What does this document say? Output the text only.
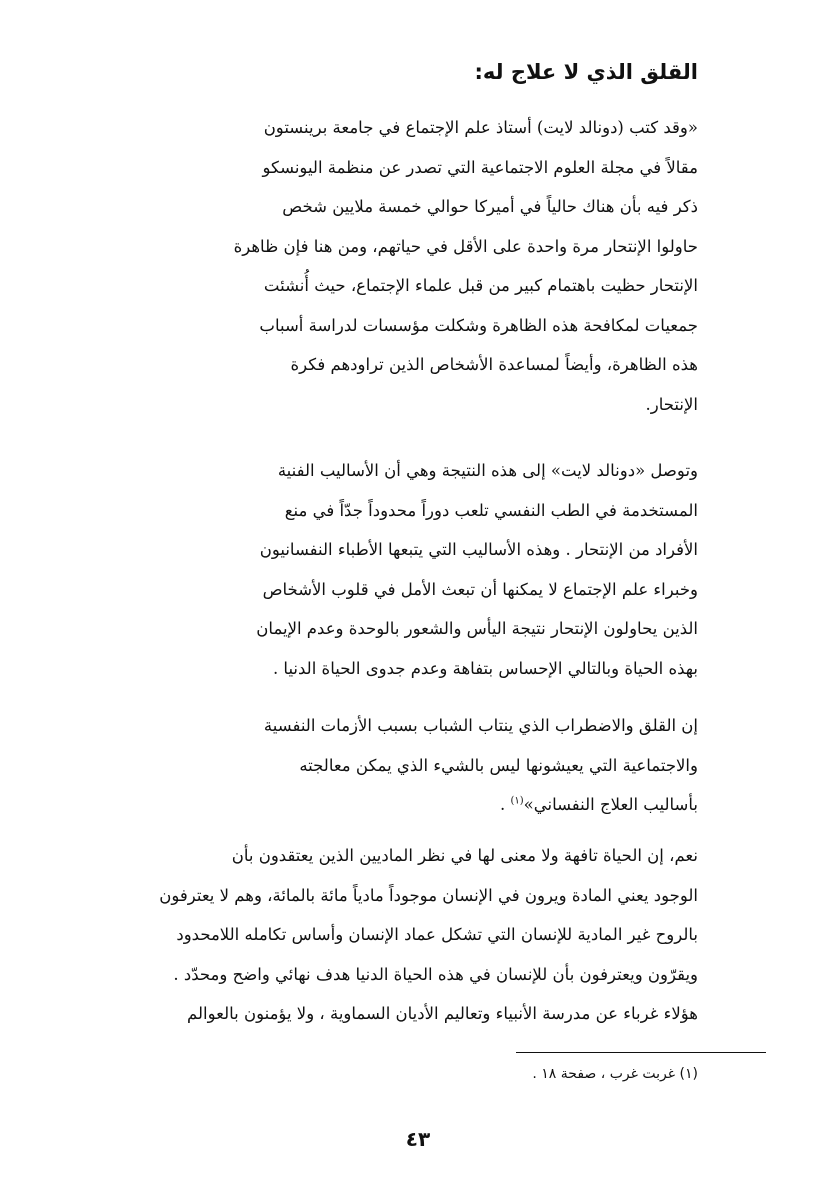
القلق الذي لا علاج له:

«وقد كتب (دونالد لايت) أستاذ علم الإجتماع في جامعة برينستون
مقالاً في مجلة العلوم الاجتماعية التي تصدر عن منظمة اليونسكو
ذكر فيه بأن هناك حالياً في أميركا حوالي خمسة ملايين شخص
حاولوا الإنتحار مرة واحدة على الأقل في حياتهم، ومن هنا فإن ظاهرة
الإنتحار حظيت باهتمام كبير من قبل علماء الإجتماع، حيث أُنشئت
جمعيات لمكافحة هذه الظاهرة وشكلت مؤسسات لدراسة أسباب
هذه الظاهرة، وأيضاً لمساعدة الأشخاص الذين تراودهم فكرة
الإنتحار.

وتوصل «دونالد لايت» إلى هذه النتيجة وهي أن الأساليب الفنية
المستخدمة في الطب النفسي تلعب دوراً محدوداً جدّاً في منع
الأفراد من الإنتحار . وهذه الأساليب التي يتبعها الأطباء النفسانيون
وخبراء علم الإجتماع لا يمكنها أن تبعث الأمل في قلوب الأشخاص
الذين يحاولون الإنتحار نتيجة اليأس والشعور بالوحدة وعدم الإيمان
بهذه الحياة وبالتالي الإحساس بتفاهة وعدم جدوى الحياة الدنيا .

إن القلق والاضطراب الذي ينتاب الشباب بسبب الأزمات النفسية
والاجتماعية التي يعيشونها ليس بالشيء الذي يمكن معالجته
بأساليب العلاج النفساني»$^{(١)}$ .

نعم، إن الحياة تافهة ولا معنى لها في نظر الماديين الذين يعتقدون بأن
الوجود يعني المادة ويرون في الإنسان موجوداً مادياً مائة بالمائة، وهم لا يعترفون
بالروح غير المادية للإنسان التي تشكل عماد الإنسان وأساس تكامله اللامحدود
ويقرّون ويعترفون بأن للإنسان في هذه الحياة الدنيا هدف نهائي واضح ومحدّد .
هؤلاء غرباء عن مدرسة الأنبياء وتعاليم الأديان السماوية ، ولا يؤمنون بالعوالم

(١) غربت غرب ، صفحة ١٨ .

٤٣
